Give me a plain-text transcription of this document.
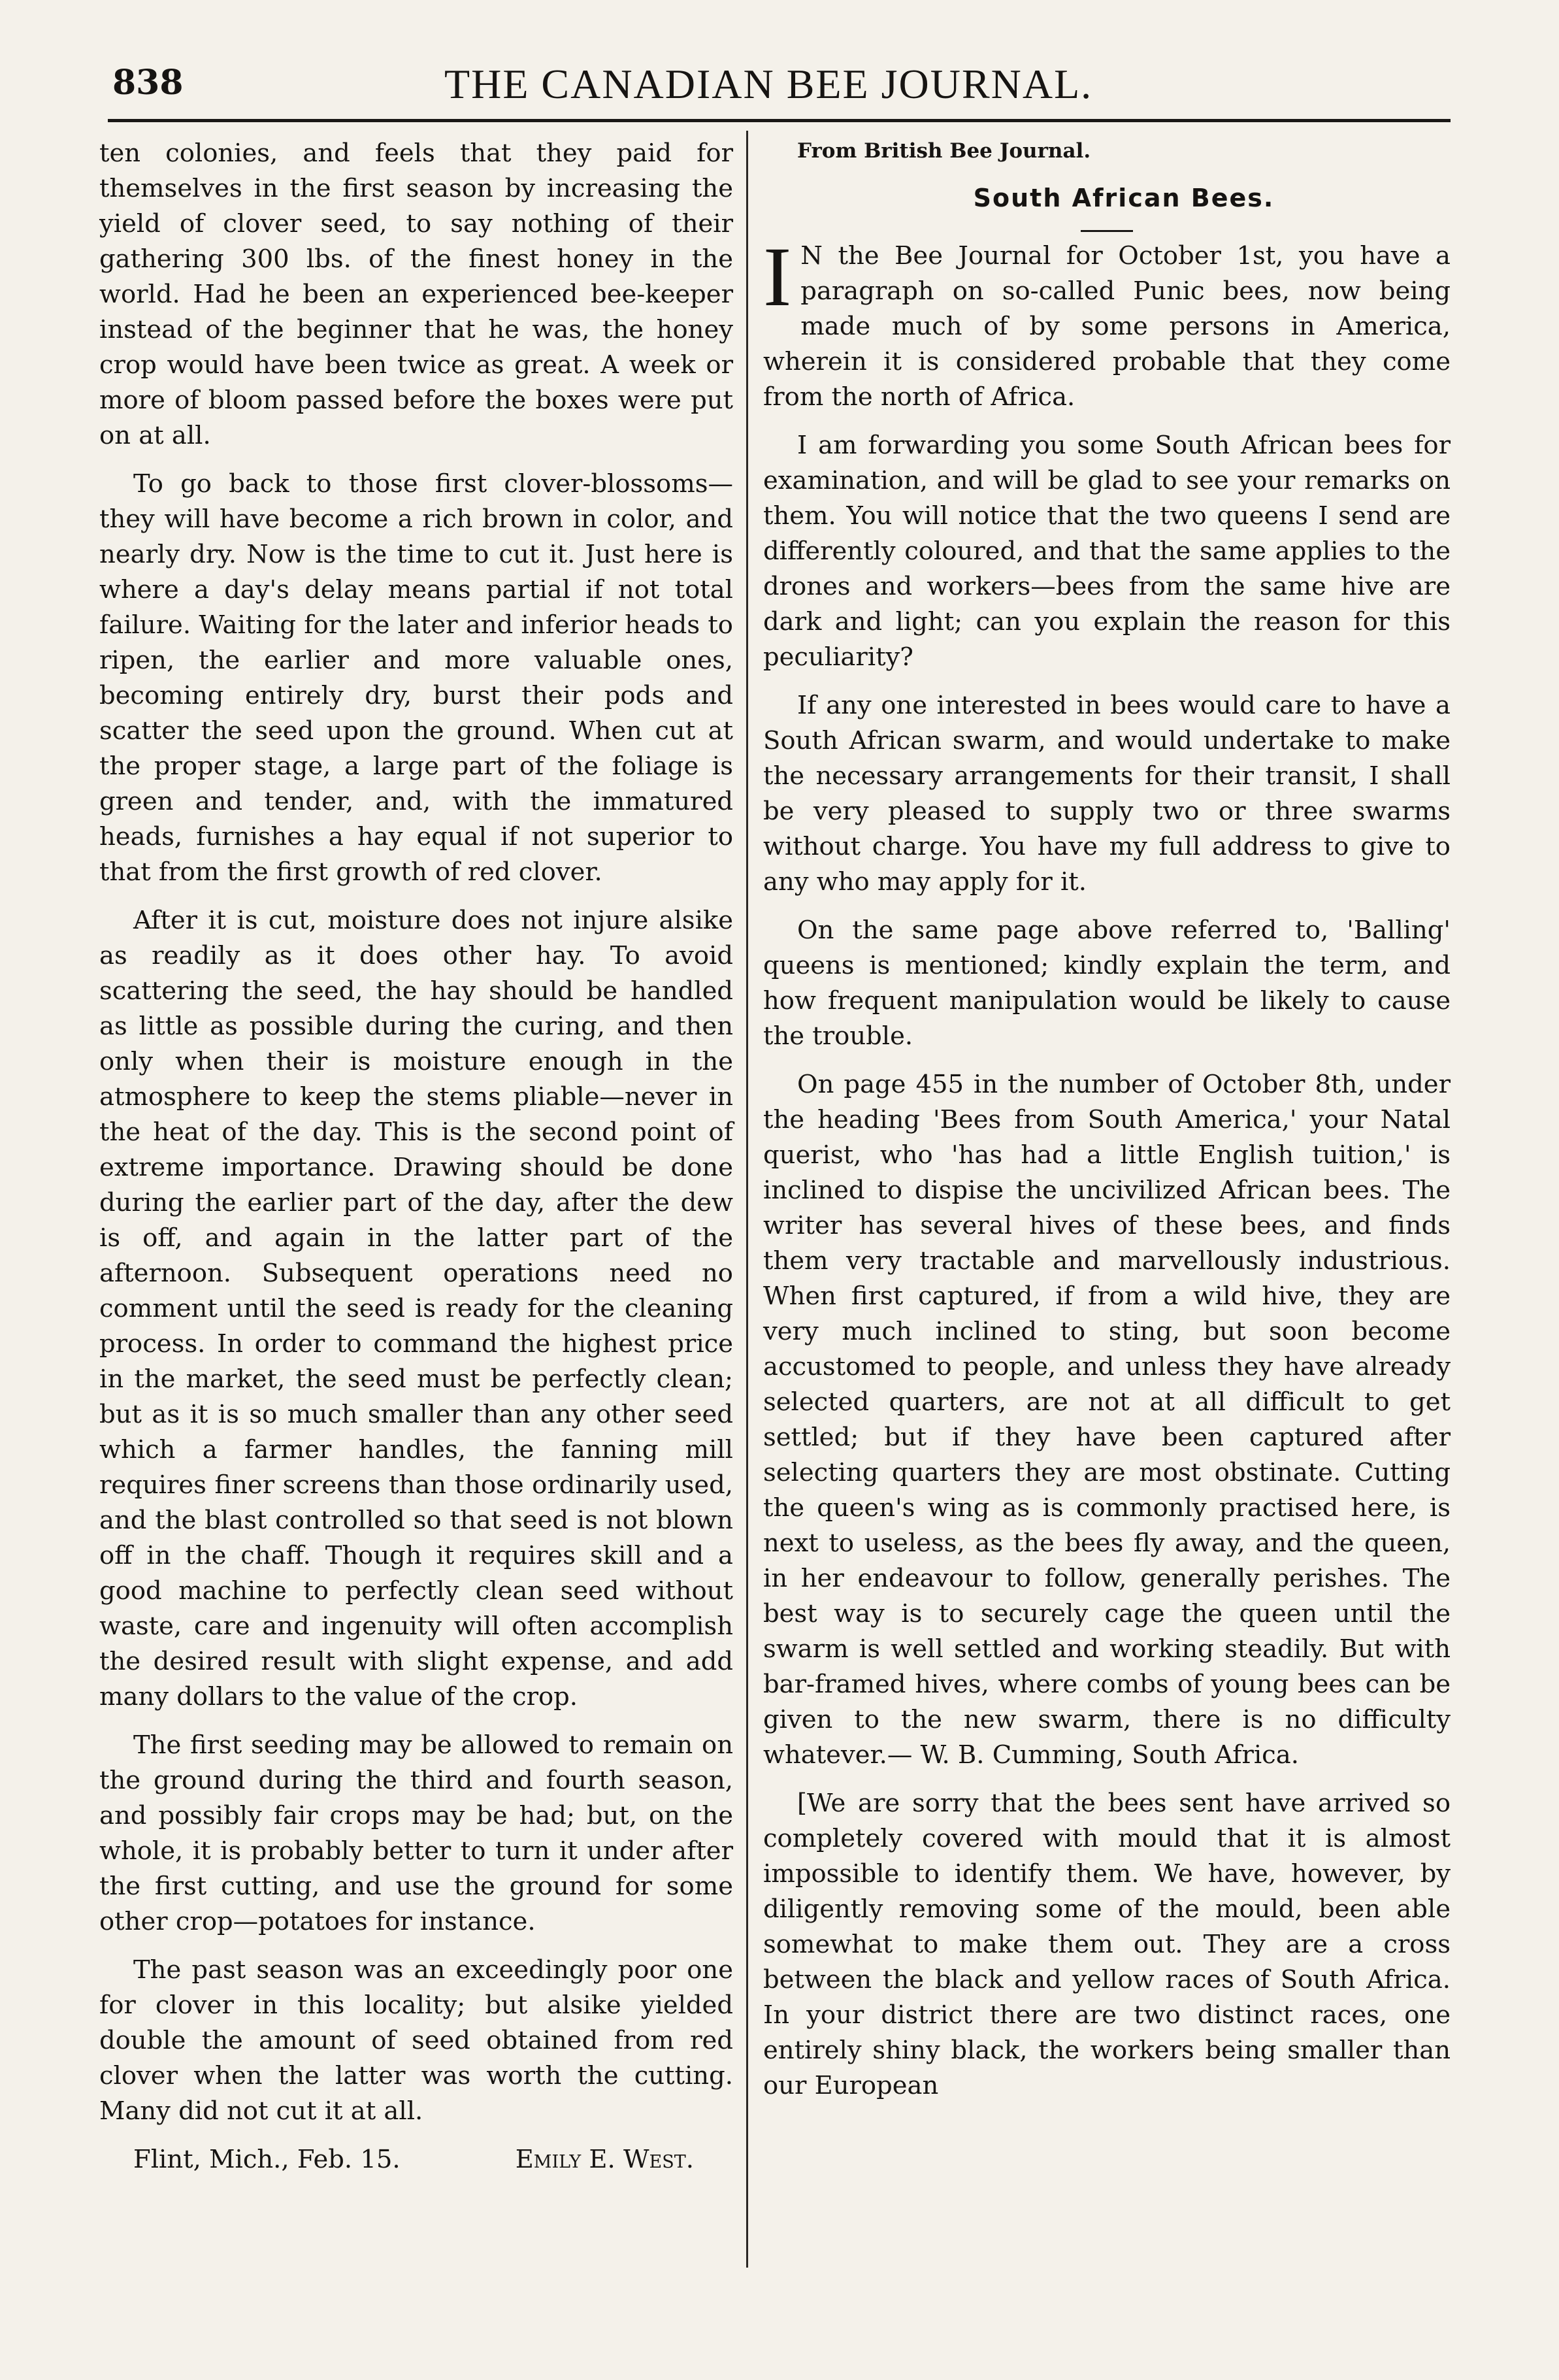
838	THE CANADIAN BEE JOURNAL.

ten colonies, and feels that they paid for themselves in the first season by increasing the yield of clover seed, to say nothing of their gathering 300 lbs. of the finest honey in the world. Had he been an experienced bee-keeper instead of the beginner that he was, the honey crop would have been twice as great. A week or more of bloom passed before the boxes were put on at all.

To go back to those first clover-blossoms—they will have become a rich brown in color, and nearly dry. Now is the time to cut it. Just here is where a day's delay means partial if not total failure. Waiting for the later and inferior heads to ripen, the earlier and more valuable ones, becoming entirely dry, burst their pods and scatter the seed upon the ground. When cut at the proper stage, a large part of the foliage is green and tender, and, with the immatured heads, furnishes a hay equal if not superior to that from the first growth of red clover.

After it is cut, moisture does not injure alsike as readily as it does other hay. To avoid scattering the seed, the hay should be handled as little as possible during the curing, and then only when their is moisture enough in the atmosphere to keep the stems pliable—never in the heat of the day. This is the second point of extreme importance. Drawing should be done during the earlier part of the day, after the dew is off, and again in the latter part of the afternoon. Subsequent operations need no comment until the seed is ready for the cleaning process. In order to command the highest price in the market, the seed must be perfectly clean; but as it is so much smaller than any other seed which a farmer handles, the fanning mill requires finer screens than those ordinarily used, and the blast controlled so that seed is not blown off in the chaff. Though it requires skill and a good machine to perfectly clean seed without waste, care and ingenuity will often accomplish the desired result with slight expense, and add many dollars to the value of the crop.

The first seeding may be allowed to remain on the ground during the third and fourth season, and possibly fair crops may be had; but, on the whole, it is probably better to turn it under after the first cutting, and use the ground for some other crop—potatoes for instance.

The past season was an exceedingly poor one for clover in this locality; but alsike yielded double the amount of seed obtained from red clover when the latter was worth the cutting. Many did not cut it at all.

Flint, Mich., Feb. 15.	Emily E. West.

From British Bee Journal.

South African Bees.

I N the Bee Journal for October 1st, you have a paragraph on so-called Punic bees, now being made much of by some persons in America, wherein it is considered probable that they come from the north of Africa.

I am forwarding you some South African bees for examination, and will be glad to see your remarks on them. You will notice that the two queens I send are differently coloured, and that the same applies to the drones and workers—bees from the same hive are dark and light; can you explain the reason for this peculiarity?

If any one interested in bees would care to have a South African swarm, and would undertake to make the necessary arrangements for their transit, I shall be very pleased to supply two or three swarms without charge. You have my full address to give to any who may apply for it.

On the same page above referred to, 'Balling' queens is mentioned; kindly explain the term, and how frequent manipulation would be likely to cause the trouble.

On page 455 in the number of October 8th, under the heading 'Bees from South America,' your Natal querist, who 'has had a little English tuition,' is inclined to dispise the uncivilized African bees. The writer has several hives of these bees, and finds them very tractable and marvellously industrious. When first captured, if from a wild hive, they are very much inclined to sting, but soon become accustomed to people, and unless they have already selected quarters, are not at all difficult to get settled; but if they have been captured after selecting quarters they are most obstinate. Cutting the queen's wing as is commonly practised here, is next to useless, as the bees fly away, and the queen, in her endeavour to follow, generally perishes. The best way is to securely cage the queen until the swarm is well settled and working steadily. But with bar-framed hives, where combs of young bees can be given to the new swarm, there is no difficulty whatever.— W. B. Cumming, South Africa.

[We are sorry that the bees sent have arrived so completely covered with mould that it is almost impossible to identify them. We have, however, by diligently removing some of the mould, been able somewhat to make them out. They are a cross between the black and yellow races of South Africa. In your district there are two distinct races, one entirely shiny black, the workers being smaller than our European
